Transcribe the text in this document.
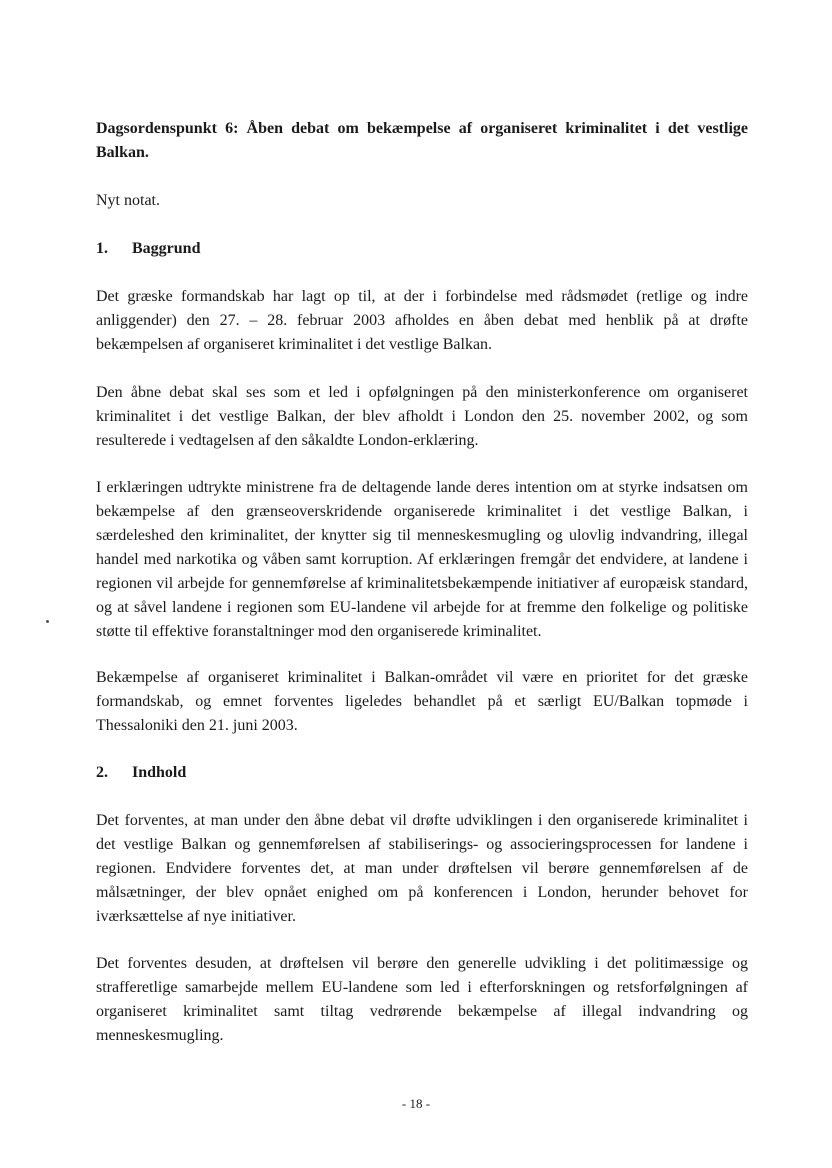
Dagsordenspunkt 6: Åben debat om bekæmpelse af organiseret kriminalitet i det vestlige Balkan.

Nyt notat.

1.	Baggrund

Det græske formandskab har lagt op til, at der i forbindelse med rådsmødet (retlige og indre anliggender) den 27. – 28. februar 2003 afholdes en åben debat med henblik på at drøfte bekæmpelsen af organiseret kriminalitet i det vestlige Balkan.

Den åbne debat skal ses som et led i opfølgningen på den ministerkonference om organiseret kriminalitet i det vestlige Balkan, der blev afholdt i London den 25. november 2002, og som resulterede i vedtagelsen af den såkaldte London-erklæring.

I erklæringen udtrykte ministrene fra de deltagende lande deres intention om at styrke indsatsen om bekæmpelse af den grænseoverskridende organiserede kriminalitet i det vestlige Balkan, i særdeleshed den kriminalitet, der knytter sig til menneskesmugling og ulovlig indvandring, illegal handel med narkotika og våben samt korruption. Af erklæringen fremgår det endvidere, at landene i regionen vil arbejde for gennemførelse af kriminalitetsbekæmpende initiativer af europæisk standard, og at såvel landene i regionen som EU-landene vil arbejde for at fremme den folkelige og politiske støtte til effektive foranstaltninger mod den organiserede kriminalitet.

Bekæmpelse af organiseret kriminalitet i Balkan-området vil være en prioritet for det græske formandskab, og emnet forventes ligeledes behandlet på et særligt EU/Balkan topmøde i Thessaloniki den 21. juni 2003.

2.	Indhold

Det forventes, at man under den åbne debat vil drøfte udviklingen i den organiserede kriminalitet i det vestlige Balkan og gennemførelsen af stabiliserings- og associeringsprocessen for landene i regionen. Endvidere forventes det, at man under drøftelsen vil berøre gennemførelsen af de målsætninger, der blev opnået enighed om på konferencen i London, herunder behovet for iværksættelse af nye initiativer.

Det forventes desuden, at drøftelsen vil berøre den generelle udvikling i det politimæssige og strafferetlige samarbejde mellem EU-landene som led i efterforskningen og retsforfølgningen af organiseret kriminalitet samt tiltag vedrørende bekæmpelse af illegal indvandring og menneskesmugling.

- 18 -
